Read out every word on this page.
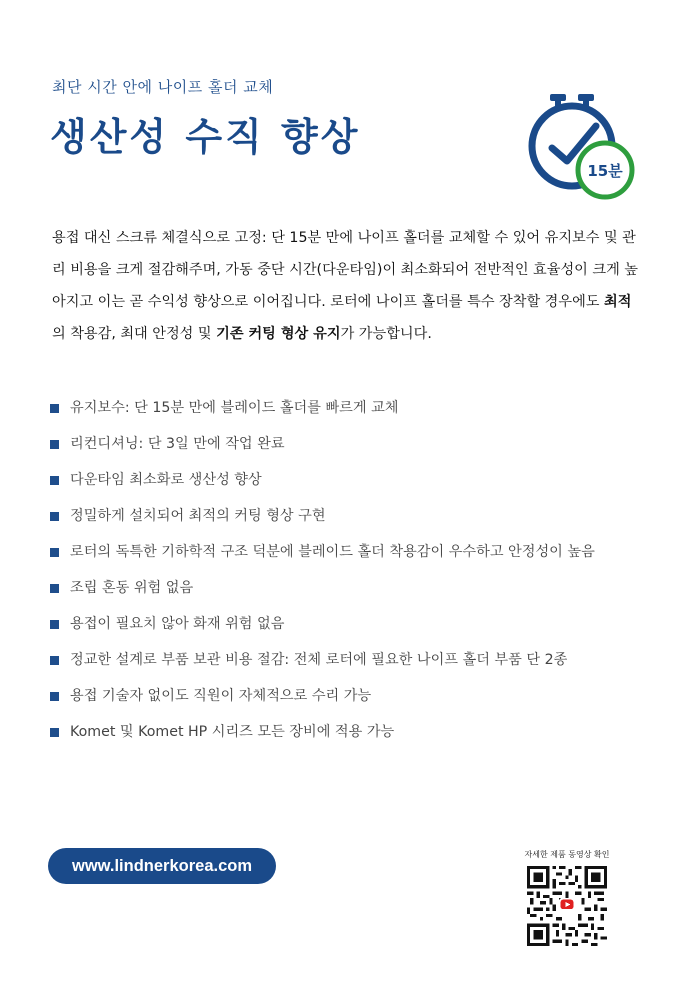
최단 시간 안에 나이프 홀더 교체
생산성 수직 향상
15분

용접 대신 스크류 체결식으로 고정: 단 15분 만에 나이프 홀더를 교체할 수 있어 유지보수 및 관리 비용을 크게 절감해주며, 가동 중단 시간(다운타임)이 최소화되어 전반적인 효율성이 크게 높아지고 이는 곧 수익성 향상으로 이어집니다. 로터에 나이프 홀더를 특수 장착할 경우에도 최적의 착용감, 최대 안정성 및 기존 커팅 형상 유지가 가능합니다.

유지보수: 단 15분 만에 블레이드 홀더를 빠르게 교체
리컨디셔닝: 단 3일 만에 작업 완료
다운타임 최소화로 생산성 향상
정밀하게 설치되어 최적의 커팅 형상 구현
로터의 독특한 기하학적 구조 덕분에 블레이드 홀더 착용감이 우수하고 안정성이 높음
조립 혼동 위험 없음
용접이 필요치 않아 화재 위험 없음
정교한 설계로 부품 보관 비용 절감: 전체 로터에 필요한 나이프 홀더 부품 단 2종
용접 기술자 없이도 직원이 자체적으로 수리 가능
Komet 및 Komet HP 시리즈 모든 장비에 적용 가능
www.lindnerkorea.com
자세한 제품 동영상 확인
